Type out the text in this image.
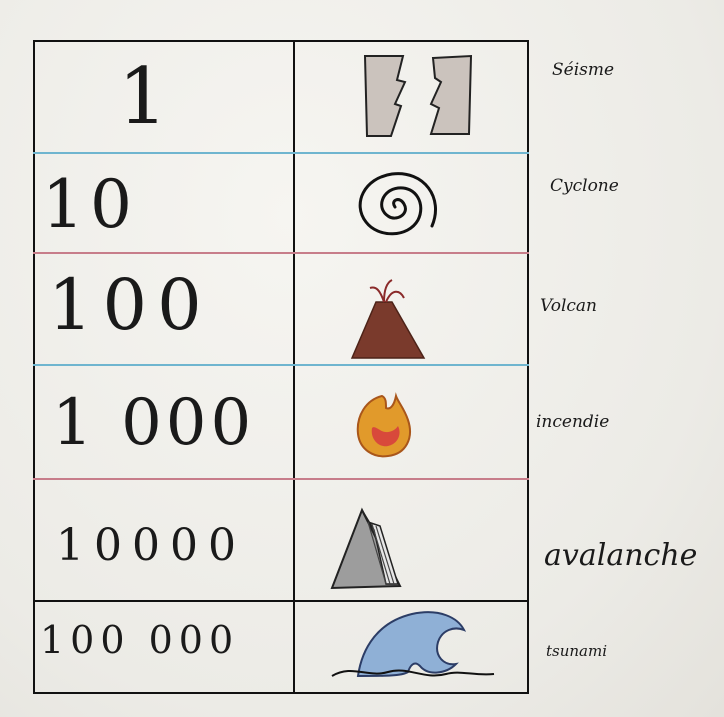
1
10
100
1 000
10000
100 000
Séisme
Cyclone
Volcan
incendie
avalanche
tsunami
